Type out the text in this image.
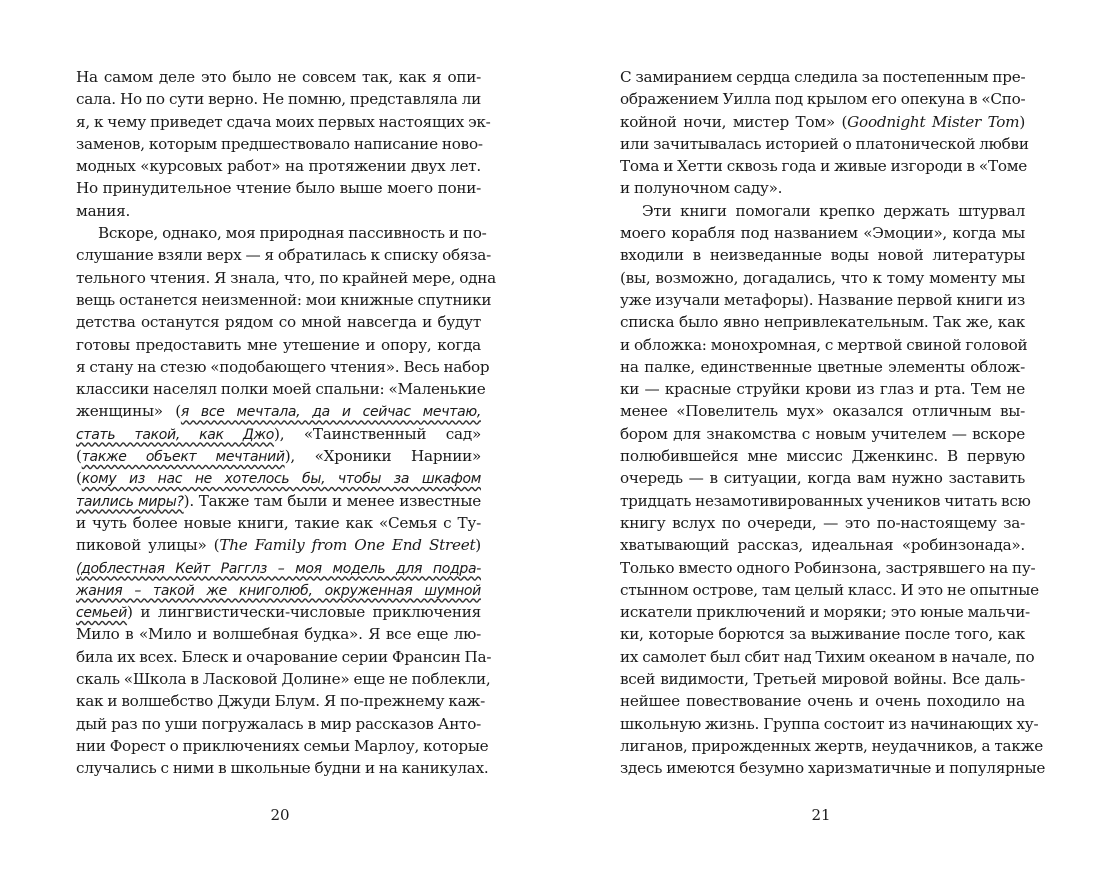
На самом деле это было не совсем так, как я опи-
сала. Но по сути верно. Не помню, представляла ли
я, к чему приведет сдача моих первых настоящих эк-
заменов, которым предшествовало написание ново-
модных «курсовых работ» на протяжении двух лет.
Но принудительное чтение было выше моего пони-
мания.
Вскоре, однако, моя природная пассивность и по-
слушание взяли верх — я обратилась к списку обяза-
тельного чтения. Я знала, что, по крайней мере, одна
вещь останется неизменной: мои книжные спутники
детства останутся рядом со мной навсегда и будут
готовы предоставить мне утешение и опору, когда
я стану на стезю «подобающего чтения». Весь набор
классики населял полки моей спальни: «Маленькие
женщины» (я все мечтала, да и сейчас мечтаю,
стать такой, как Джо), «Таинственный сад»
(также объект мечтаний), «Хроники Нарнии»
(кому из нас не хотелось бы, чтобы за шкафом
таились миры?). Также там были и менее известные
и чуть более новые книги, такие как «Семья с Ту-
пиковой улицы» (The Family from One End Street)
(доблестная Кейт Рагглз – моя модель для подра-
жания – такой же книголюб, окруженная шумной
семьей) и лингвистически-числовые приключения
Мило в «Мило и волшебная будка». Я все еще лю-
била их всех. Блеск и очарование серии Франсин Па-
скаль «Школа в Ласковой Долине» еще не поблекли,
как и волшебство Джуди Блум. Я по-прежнему каж-
дый раз по уши погружалась в мир рассказов Анто-
нии Форест о приключениях семьи Марлоу, которые
случались с ними в школьные будни и на каникулах.
С замиранием сердца следила за постепенным пре-
ображением Уилла под крылом его опекуна в «Спо-
койной ночи, мистер Том» (Goodnight Mister Tom)
или зачитывалась историей о платонической любви
Тома и Хетти сквозь года и живые изгороди в «Томе
и полуночном саду».
Эти книги помогали крепко держать штурвал
моего корабля под названием «Эмоции», когда мы
входили в неизведанные воды новой литературы
(вы, возможно, догадались, что к тому моменту мы
уже изучали метафоры). Название первой книги из
списка было явно непривлекательным. Так же, как
и обложка: монохромная, с мертвой свиной головой
на палке, единственные цветные элементы облож-
ки — красные струйки крови из глаз и рта. Тем не
менее «Повелитель мух» оказался отличным вы-
бором для знакомства с новым учителем — вскоре
полюбившейся мне миссис Дженкинс. В первую
очередь — в ситуации, когда вам нужно заставить
тридцать незамотивированных учеников читать всю
книгу вслух по очереди, — это по-настоящему за-
хватывающий рассказ, идеальная «робинзонада».
Только вместо одного Робинзона, застрявшего на пу-
стынном острове, там целый класс. И это не опытные
искатели приключений и моряки; это юные мальчи-
ки, которые борются за выживание после того, как
их самолет был сбит над Тихим океаном в начале, по
всей видимости, Третьей мировой войны. Все даль-
нейшее повествование очень и очень походило на
школьную жизнь. Группа состоит из начинающих ху-
лиганов, прирожденных жертв, неудачников, а также
здесь имеются безумно харизматичные и популярные
20	21
